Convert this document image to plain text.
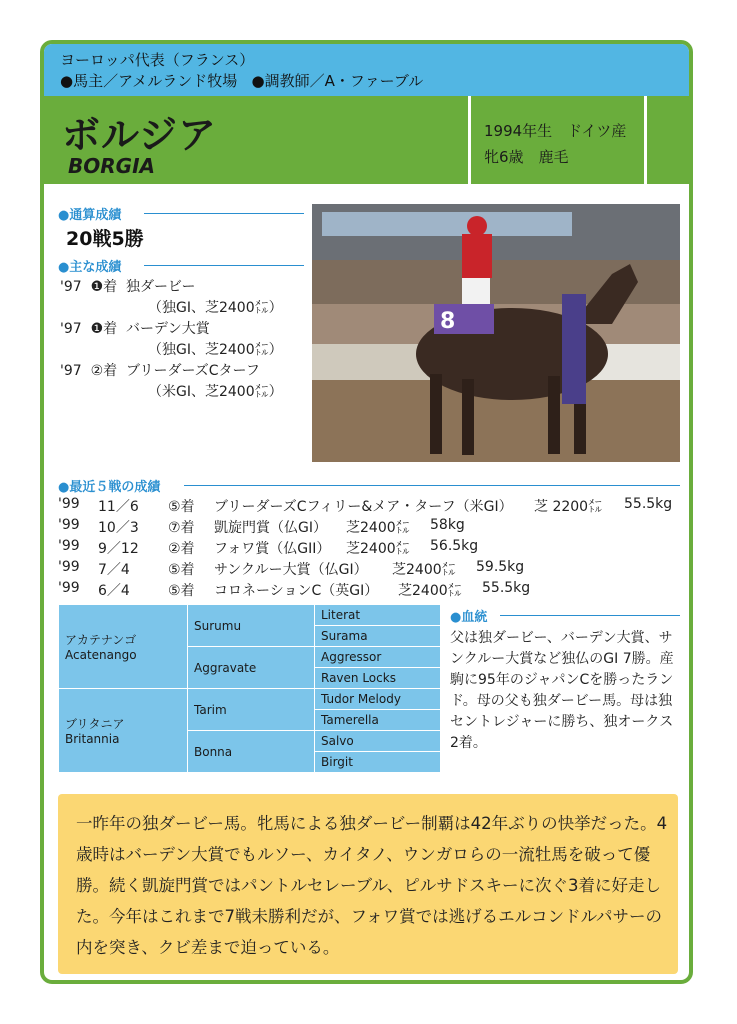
ヨーロッパ代表（フランス）
●馬主／アメルランド牧場 ●調教師／A・ファーブル
ボルジア
BORGIA
1994年生　ドイツ産
牝6歳　鹿毛
●通算成績
20戦5勝
●主な成績
'97 ❶着 独ダービー
（独GI、芝2400㍍）
'97 ❶着 バーデン大賞
（独GI、芝2400㍍）
'97 ②着 ブリーダーズCターフ
（米GI、芝2400㍍）
8
●最近５戦の成績
'99 11／6 ⑤着 ブリーダーズCフィリー&メア・ターフ（米GI） 芝 2200㍍ 55.5kg
'99 10／3 ⑦着 凱旋門賞（仏GI） 芝2400㍍ 58kg
'99 9／12 ②着 フォワ賞（仏GII） 芝2400㍍ 56.5kg
'99 7／4	⑤着 サンクルー大賞（仏GI） 芝2400㍍ 59.5kg
'99 6／4	⑤着 コロネーションC（英GI） 芝2400㍍ 55.5kg
アカテナンゴ
Acatenango	Surumu	Literat
		Surama
	Aggravate	Aggressor
		Raven Locks

ブリタニア
Britannia	Tarim	Tudor Melody
		Tamerella
	Bonna	Salvo
		Birgit
●血統
父は独ダービー、バーデン大賞、サンクルー大賞など独仏のGI 7勝。産駒に95年のジャパンCを勝ったランド。母の父も独ダービー馬。母は独セントレジャーに勝ち、独オークス2着。
一昨年の独ダービー馬。牝馬による独ダービー制覇は42年ぶりの快挙だった。4歳時はバーデン大賞でもルソー、カイタノ、ウンガロらの一流牡馬を破って優勝。続く凱旋門賞ではパントルセレーブル、ピルサドスキーに次ぐ3着に好走した。今年はこれまで7戦未勝利だが、フォワ賞では逃げるエルコンドルパサーの内を突き、クビ差まで迫っている。
